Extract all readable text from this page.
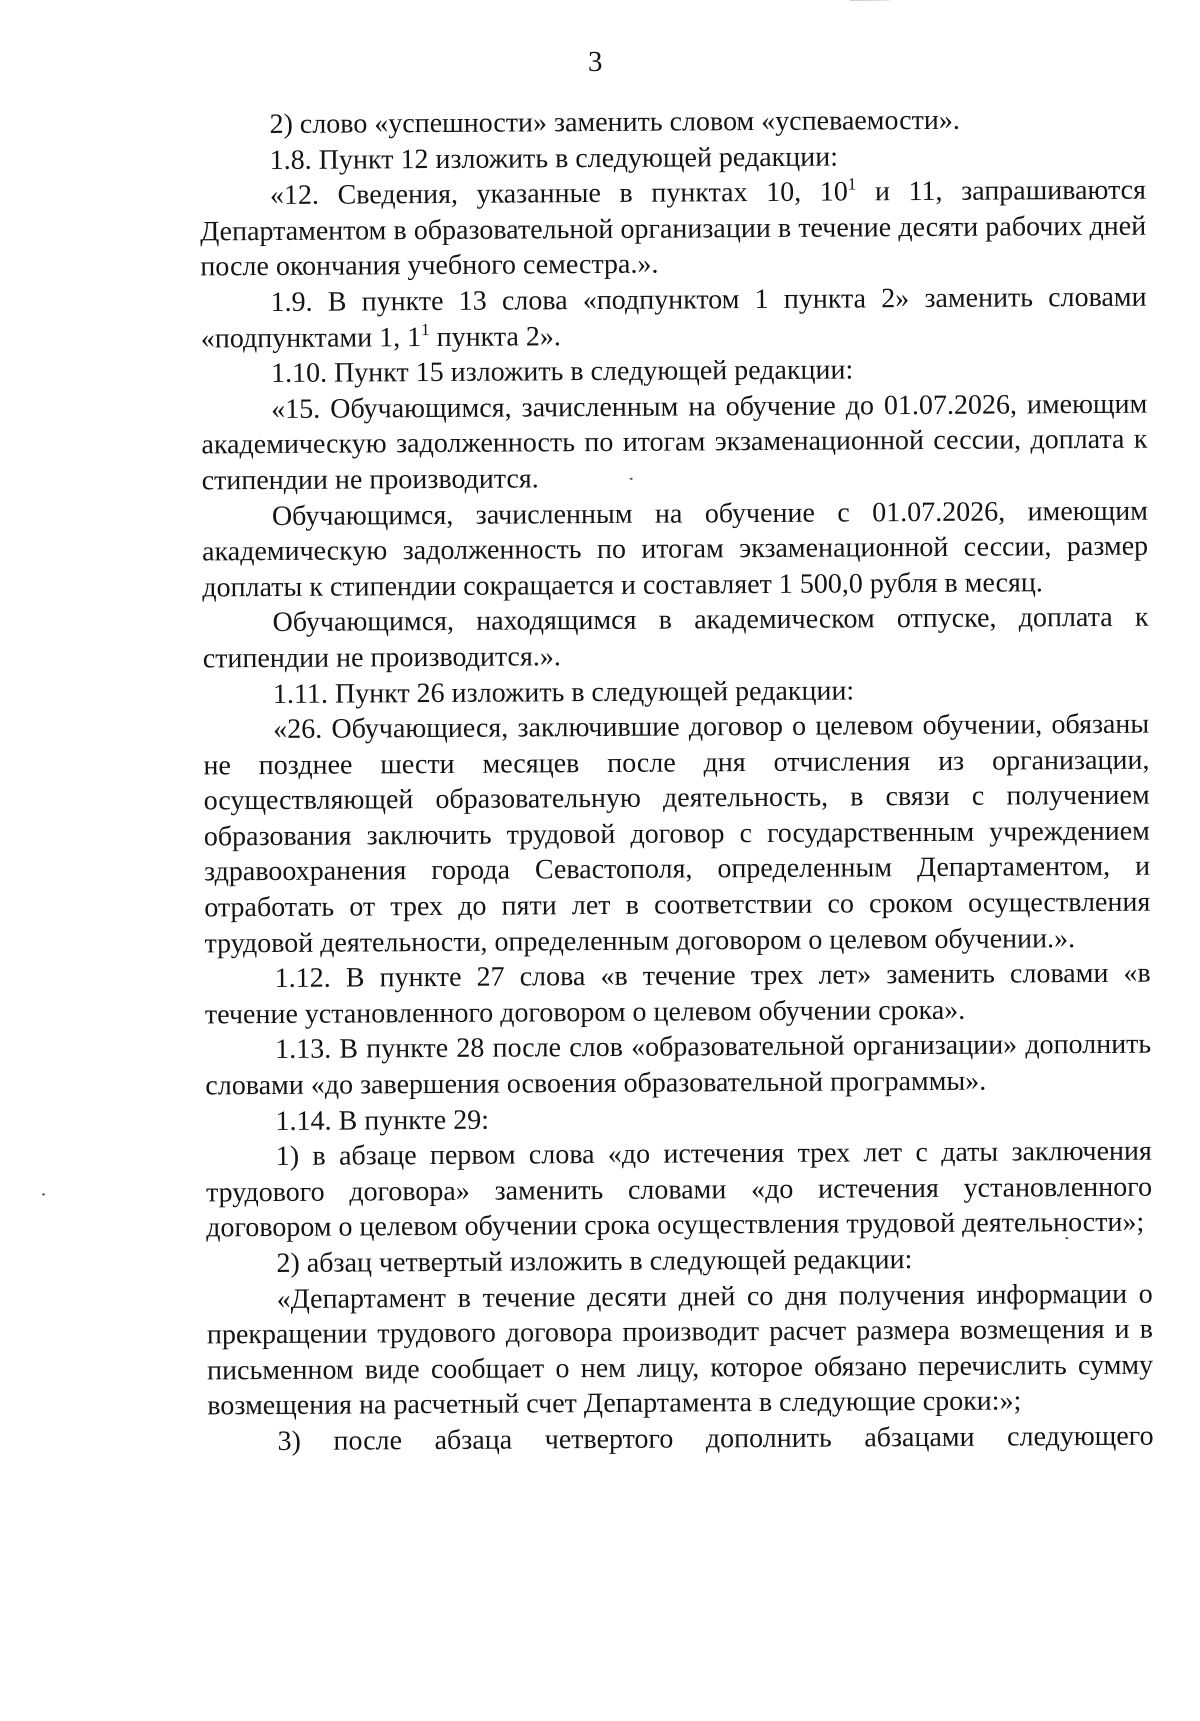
3

2) слово «успешности» заменить словом «успеваемости».

1.8. Пункт 12 изложить в следующей редакции:

«12. Сведения, указанные в пунктах 10, $10^1$ и 11, запрашиваются Департаментом в образовательной организации в течение десяти рабочих дней после окончания учебного семестра.».

1.9. В пункте 13 слова «подпунктом 1 пункта 2» заменить словами «подпунктами 1, $1^1$ пункта 2».

1.10. Пункт 15 изложить в следующей редакции:

«15. Обучающимся, зачисленным на обучение до 01.07.2026, имеющим академическую задолженность по итогам экзаменационной сессии, доплата к стипендии не производится.

Обучающимся, зачисленным на обучение с 01.07.2026, имеющим академическую задолженность по итогам экзаменационной сессии, размер доплаты к стипендии сокращается и составляет 1 500,0 рубля в месяц.

Обучающимся, находящимся в академическом отпуске, доплата к стипендии не производится.».

1.11. Пункт 26 изложить в следующей редакции:

«26. Обучающиеся, заключившие договор о целевом обучении, обязаны не позднее шести месяцев после дня отчисления из организации, осуществляющей образовательную деятельность, в связи с получением образования заключить трудовой договор с государственным учреждением здравоохранения города Севастополя, определенным Департаментом, и отработать от трех до пяти лет в соответствии со сроком осуществления трудовой деятельности, определенным договором о целевом обучении.».

1.12. В пункте 27 слова «в течение трех лет» заменить словами «в течение установленного договором о целевом обучении срока».

1.13. В пункте 28 после слов «образовательной организации» дополнить словами «до завершения освоения образовательной программы».

1.14. В пункте 29:

1) в абзаце первом слова «до истечения трех лет с даты заключения трудового договора» заменить словами «до истечения установленного договором о целевом обучении срока осуществления трудовой деятельности»;

2) абзац четвертый изложить в следующей редакции:

«Департамент в течение десяти дней со дня получения информации о прекращении трудового договора производит расчет размера возмещения и в письменном виде сообщает о нем лицу, которое обязано перечислить сумму возмещения на расчетный счет Департамента в следующие сроки:»;

3) после абзаца четвертого дополнить абзацами следующего
